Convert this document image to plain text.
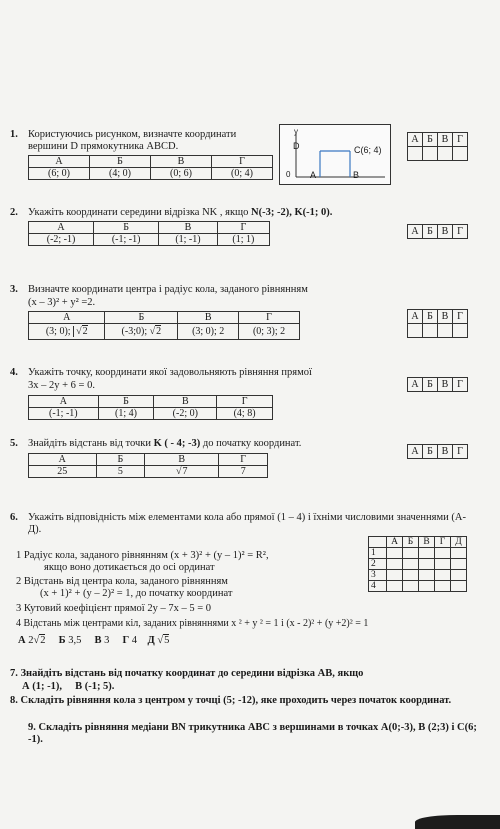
1. Користуючись рисунком, визначте координати вершини D прямокутника ABCD.
А	Б	В	Г
(6; 0)	(4; 0)	(0; 6)	(0; 4)
y
D	C(6; 4)
0 A	B
А	Б	В	Г

2. Укажіть координати середини відрізка NK , якщо N(-3; -2), K(-1; 0).
А	Б	В	Г
(-2; -1)	(-1; -1)	(1; -1)	(1; 1)
А	Б	В	Г
3. Визначте координати центра і радіус кола, заданого рівнянням
(x – 3)² + y² =2.
А	Б	В	Г
(3; 0); √2	(-3;0); √2	(3; 0); 2	(0; 3); 2
А	Б	В	Г

4. Укажіть точку, координати якої задовольняють рівняння прямої
3x – 2y + 6 = 0.
А	Б	В	Г
(-1; -1)	(1; 4)	(-2; 0)	(4; 8)
А	Б	В	Г
5. Знайдіть відстань від точки K ( - 4; -3) до початку координат.
А	Б	В	Г
25	5	√7	7
А	Б	В	Г
6. Укажіть відповідність між елементами кола або прямої (1 – 4) і їхніми числовими значеннями (А-Д).
1 Радіус кола, заданого рівнянням (x + 3)² + (y – 1)² = R²,
якщо воно дотикається до осі ординат
2 Відстань від центра кола, заданого рівнянням
(x + 1)² + (y – 2)² = 1, до початку координат
3 Кутовий коефіцієнт прямої 2y – 7x – 5 = 0
4 Відстань між центрами кіл, заданих рівняннями x ² + y ² = 1 і (x - 2)² + (y +2)² = 1
	А	Б	В	Г	Д
1					
2					
3					
4					
А 2√2 Б 3,5 В 3 Г 4 Д √5
7. Знайдіть відстань від початку координат до середини відрізка АВ, якщо
А (1; -1),     В (-1; 5).
8. Складіть рівняння кола з центром у точці (5; -12), яке проходить через початок координат.
9. Складіть рівняння медіани BN трикутника АВС з вершинами в точках А(0;-3), В (2;3) і С(6; -1).
